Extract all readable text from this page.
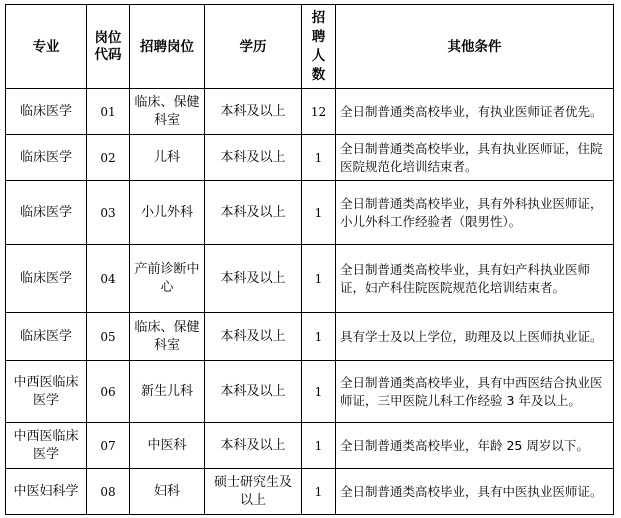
专业	岗位代码	招聘岗位	学历	招聘人数	其他条件
临床医学	01	临床、保健科室	本科及以上	12	全日制普通类高校毕业，有执业医师证者优先。
临床医学	02	儿科	本科及以上	1	全日制普通类高校毕业，具有执业医师证，住院医院规范化培训结束者。
临床医学	03	小儿外科	本科及以上	1	全日制普通类高校毕业，具有外科执业医师证，小儿外科工作经验者（限男性）。
临床医学	04	产前诊断中心	本科及以上	1	全日制普通类高校毕业，具有妇产科执业医师证，妇产科住院医院规范化培训结束者。
临床医学	05	临床、保健科室	本科及以上	1	具有学士及以上学位，助理及以上医师执业证。
中西医临床医学	06	新生儿科	本科及以上	1	全日制普通类高校毕业，具有中西医结合执业医师证，三甲医院儿科工作经验 3 年及以上。
中西医临床医学	07	中医科	本科及以上	1	全日制普通类高校毕业，年龄 25 周岁以下。
中医妇科学	08	妇科	硕士研究生及以上	1	全日制普通类高校毕业，具有中医执业医师证。
